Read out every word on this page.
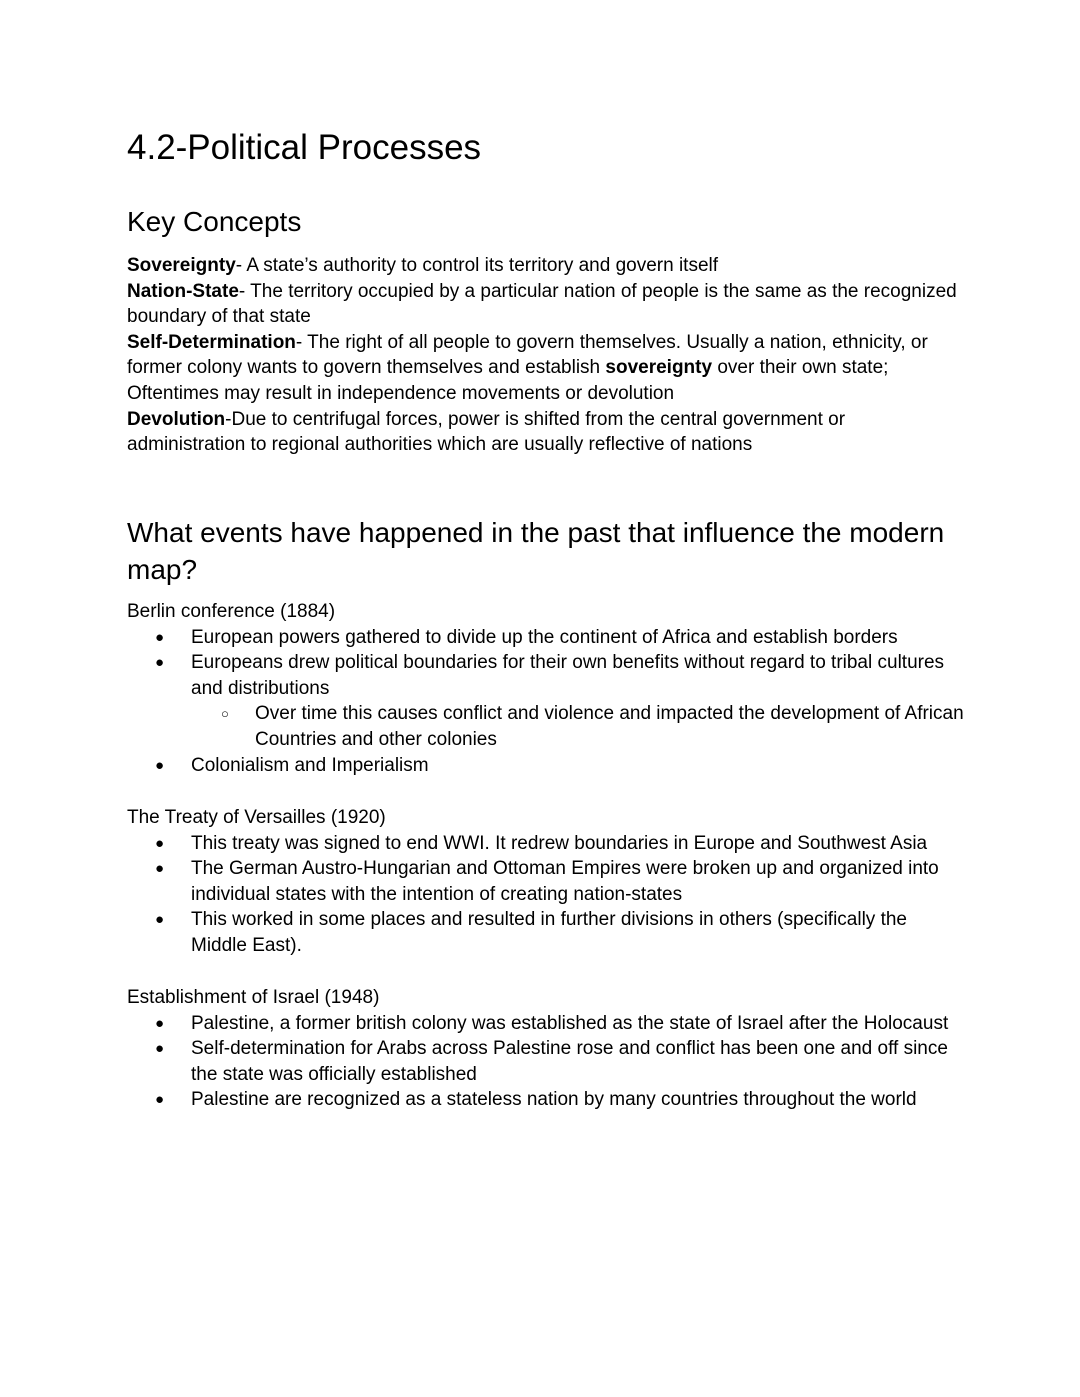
4.2-Political Processes
Key Concepts

Sovereignty- A state’s authority to control its territory and govern itself

Nation-State- The territory occupied by a particular nation of people is the same as the recognized boundary of that state

Self-Determination- The right of all people to govern themselves. Usually a nation, ethnicity, or former colony wants to govern themselves and establish sovereignty over their own state; Oftentimes may result in independence movements or devolution

Devolution-Due to centrifugal forces, power is shifted from the central government or administration to regional authorities which are usually reflective of nations

What events have happened in the past that influence the modern map?

Berlin conference (1884)

● European powers gathered to divide up the continent of Africa and establish borders
● Europeans drew political boundaries for their own benefits without regard to tribal cultures and distributions
○ Over time this causes conflict and violence and impacted the development of African Countries and other colonies
● Colonialism and Imperialism

The Treaty of Versailles (1920)

● This treaty was signed to end WWI. It redrew boundaries in Europe and Southwest Asia
● The German Austro-Hungarian and Ottoman Empires were broken up and organized into individual states with the intention of creating nation-states
● This worked in some places and resulted in further divisions in others (specifically the Middle East).

Establishment of Israel (1948)

● Palestine, a former british colony was established as the state of Israel after the Holocaust
● Self-determination for Arabs across Palestine rose and conflict has been one and off since the state was officially established
● Palestine are recognized as a stateless nation by many countries throughout the world
